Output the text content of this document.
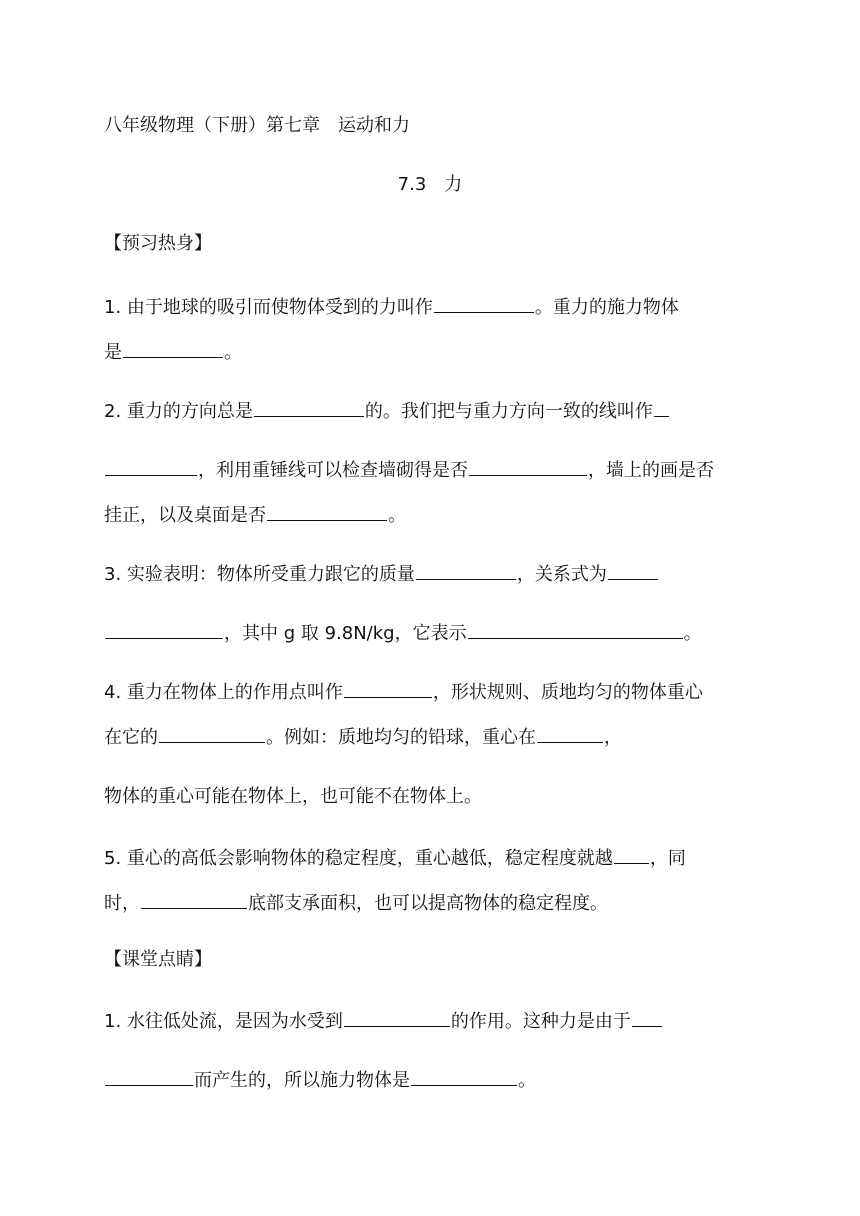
八年级物理（下册）第七章　运动和力
7.3　力
【预习热身】
1. 由于地球的吸引而使物体受到的力叫作	。重力的施力物体
是	。
2. 重力的方向总是	的。我们把与重力方向一致的线叫作
，利用重锤线可以检查墙砌得是否	，墙上的画是否
挂正，以及桌面是否	。
3. 实验表明：物体所受重力跟它的质量	，关系式为
，其中 g 取 9.8N/kg，它表示	。
4. 重力在物体上的作用点叫作	，形状规则、质地均匀的物体重心
在它的	。例如：质地均匀的铅球，重心在	，
物体的重心可能在物体上，也可能不在物体上。
5. 重心的高低会影响物体的稳定程度，重心越低，稳定程度就越 ，同
时，	底部支承面积，也可以提高物体的稳定程度。
【课堂点睛】
1. 水往低处流，是因为水受到	的作用。这种力是由于
而产生的，所以施力物体是	。
